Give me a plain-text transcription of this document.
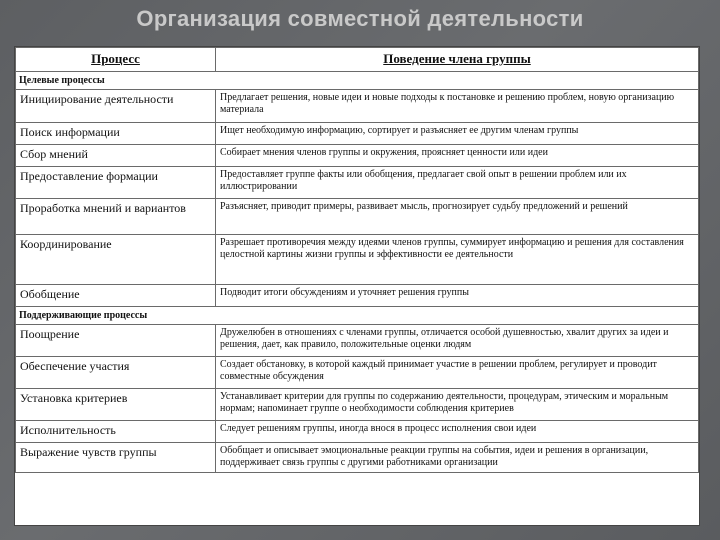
Организация совместной деятельности
Процесс	Поведение члена группы
Целевые процессы	
Инициирование деятельности	Предлагает решения, новые идеи и новые подходы к постановке и решению проблем, новую организацию материала
Поиск информации	Ищет необходимую информацию, сортирует и разъясняет ее другим членам группы
Сбор мнений	Собирает мнения членов группы и окружения, проясняет ценности или идеи
Предоставление формации	Предоставляет группе факты или обобщения, предлагает свой опыт в решении проблем или их иллюстрировании
Проработка мнений и вариантов	Разъясняет, приводит примеры, развивает мысль, прогнозирует судьбу предложений и решений
Координирование	Разрешает противоречия между идеями членов группы, суммирует информацию и решения для составления целостной картины жизни группы и эффективности ее деятельности
Обобщение	Подводит итоги обсуждениям и уточняет решения группы
Поддерживающие процессы	
Поощрение	Дружелюбен в отношениях с членами группы, отличается особой душевностью, хвалит других за идеи и решения, дает, как правило, положительные оценки людям
Обеспечение участия	Создает обстановку, в которой каждый принимает участие в решении проблем, регулирует и проводит совместные обсуждения
Установка критериев	Устанавливает критерии для группы по содержанию деятельности, процедурам, этическим и моральным нормам; напоминает группе о необходимости соблюдения критериев
Исполнительность	Следует решениям группы, иногда внося в процесс исполнения свои идеи
Выражение чувств группы	Обобщает и описывает эмоциональные реакции группы на события, идеи и решения в организации, поддерживает связь группы с другими работниками организации
